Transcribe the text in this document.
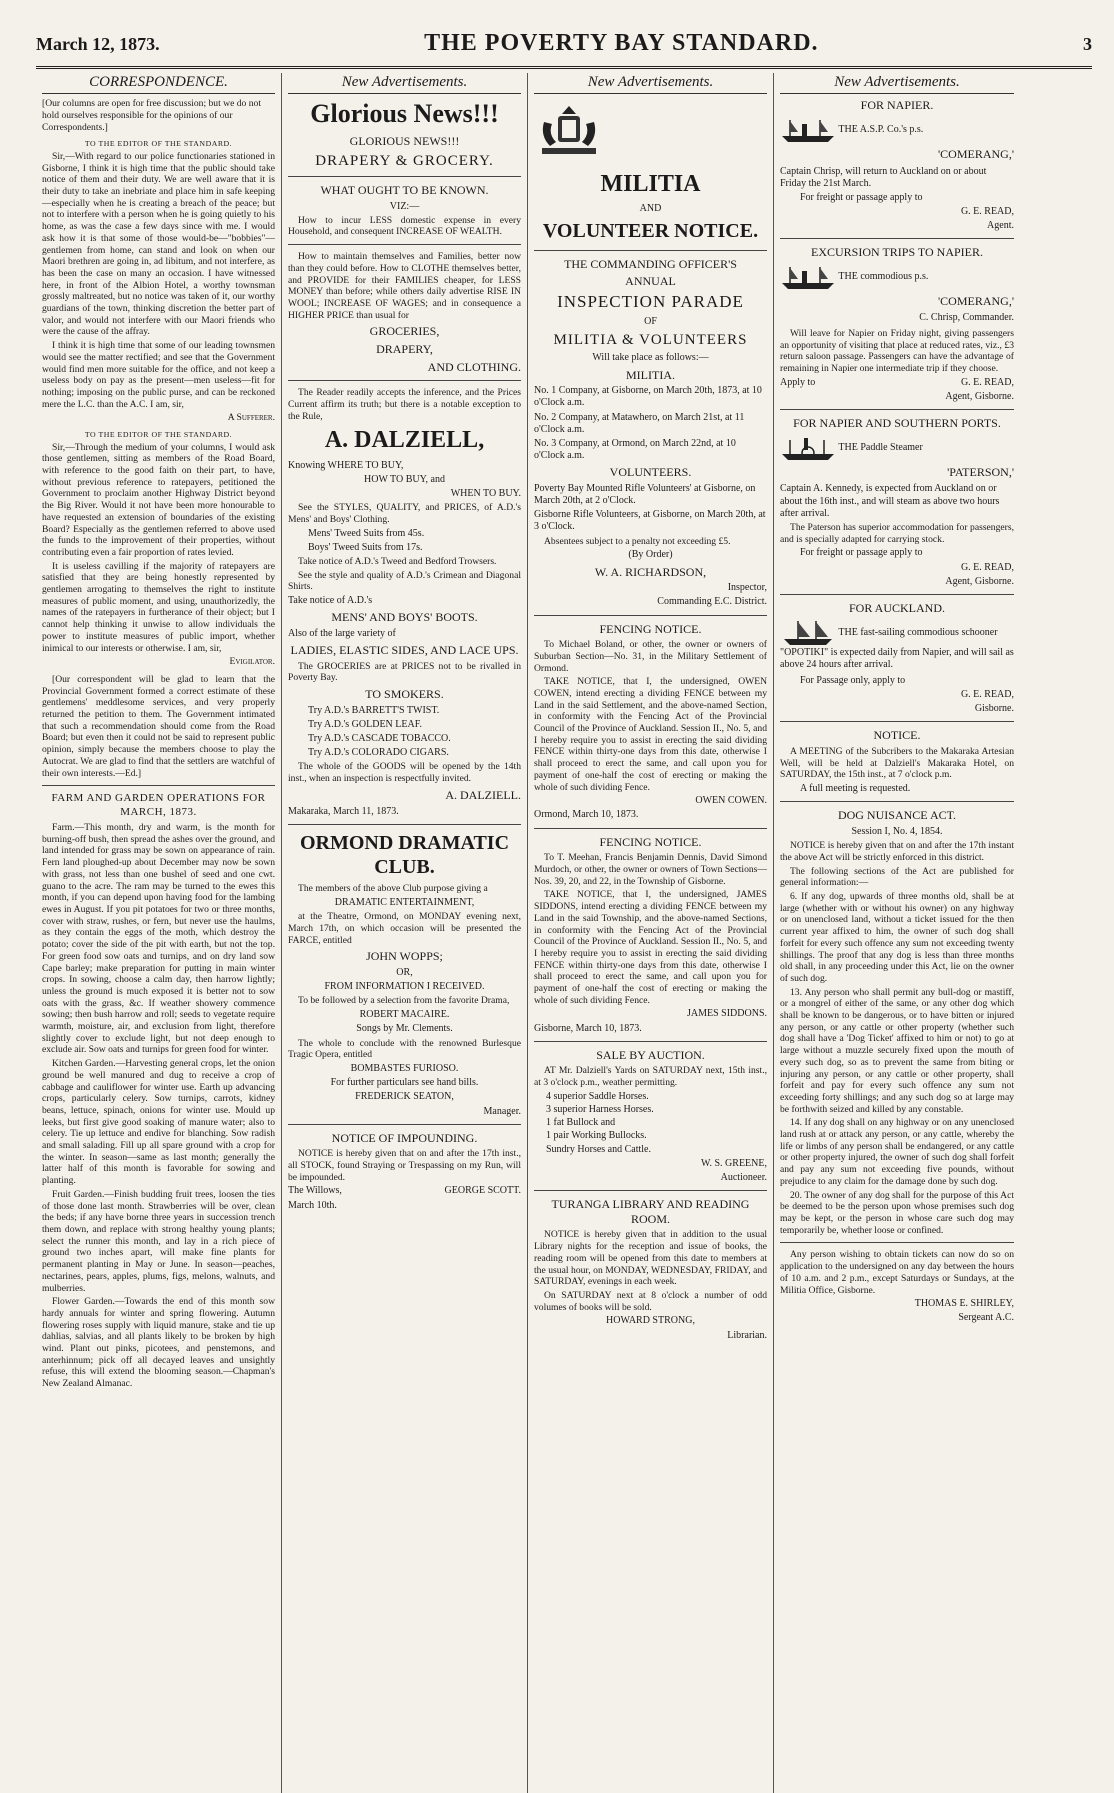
March 12, 1873.	THE POVERTY BAY STANDARD.	3
CORRESPONDENCE.
[Our columns are open for free discussion; but we do not hold ourselves responsible for the opinions of our Correspondents.]
TO THE EDITOR OF THE STANDARD.

Sir,—With regard to our police functionaries stationed in Gisborne, I think it is high time that the public should take notice of them and their duty. We are well aware that it is their duty to take an inebriate and place him in safe keeping—especially when he is creating a breach of the peace; but not to interfere with a person when he is going quietly to his home, as was the case a few days since with me. I would ask how it is that some of those would-be—"bobbies"—gentlemen from home, can stand and look on when our Maori brethren are going in, ad libitum, and not interfere, as has been the case on many an occasion. I have witnessed here, in front of the Albion Hotel, a worthy townsman grossly maltreated, but no notice was taken of it, our worthy guardians of the town, thinking discretion the better part of valor, and would not interfere with our Maori friends who were the cause of the affray.

I think it is high time that some of our leading townsmen would see the matter rectified; and see that the Government would find men more suitable for the office, and not keep a useless body on pay as the present—men useless—fit for nothing; imposing on the public purse, and can be reckoned mere the L.C. than the A.C. I am, sir,

A Sufferer.
TO THE EDITOR OF THE STANDARD.

Sir,—Through the medium of your columns, I would ask those gentlemen, sitting as members of the Road Board, with reference to the good faith on their part, to have, without previous reference to ratepayers, petitioned the Government to proclaim another Highway District beyond the Big River. Would it not have been more honourable to have requested an extension of boundaries of the existing Board? Especially as the gentlemen referred to above used the funds to the improvement of their properties, without contributing even a fair proportion of rates levied.

It is useless cavilling if the majority of ratepayers are satisfied that they are being honestly represented by gentlemen arrogating to themselves the right to institute measures of public moment, and using, unauthorizedly, the names of the ratepayers in furtherance of their object; but I cannot help thinking it unwise to allow individuals the power to institute measures of public import, whether inimical to our interests or otherwise. I am, sir,

Evigilator.

[Our correspondent will be glad to learn that the Provincial Government formed a correct estimate of these gentlemens' meddlesome services, and very properly returned the petition to them. The Government intimated that such a recommendation should come from the Road Board; but even then it could not be said to represent public opinion, simply because the members choose to play the Autocrat. We are glad to find that the settlers are watchful of their own interests.—Ed.]

FARM AND GARDEN OPERATIONS FOR MARCH, 1873.

Farm.—This month, dry and warm, is the month for burning-off bush, then spread the ashes over the ground, and land intended for grass may be sown on appearance of rain. Fern land ploughed-up about December may now be sown with grass, not less than one bushel of seed and one cwt. guano to the acre. The ram may be turned to the ewes this month, if you can depend upon having food for the lambing ewes in August. If you pit potatoes for two or three months, cover with straw, rushes, or fern, but never use the haulms, as they contain the eggs of the moth, which destroy the potato; cover the side of the pit with earth, but not the top. For green food sow oats and turnips, and on dry land sow Cape barley; make preparation for putting in main winter crops. In sowing, choose a calm day, then harrow lightly; unless the ground is much exposed it is better not to sow oats with the grass, &c. If weather showery commence sowing; then bush harrow and roll; seeds to vegetate require warmth, moisture, air, and exclusion from light, therefore slightly cover to exclude light, but not deep enough to exclude air. Sow oats and turnips for green food for winter.

Kitchen Garden.—Harvesting general crops, let the onion ground be well manured and dug to receive a crop of cabbage and cauliflower for winter use. Earth up advancing crops, particularly celery. Sow turnips, carrots, kidney beans, lettuce, spinach, onions for winter use. Mould up leeks, but first give good soaking of manure water; also to celery. Tie up lettuce and endive for blanching. Sow radish and small salading. Fill up all spare ground with a crop for the winter. In season—same as last month; generally the latter half of this month is favorable for sowing and planting.

Fruit Garden.—Finish budding fruit trees, loosen the ties of those done last month. Strawberries will be over, clean the beds; if any have borne three years in succession trench them down, and replace with strong healthy young plants; select the runner this month, and lay in a rich piece of ground two inches apart, will make fine plants for permanent planting in May or June. In season—peaches, nectarines, pears, apples, plums, figs, melons, walnuts, and mulberries.

Flower Garden.—Towards the end of this month sow hardy annuals for winter and spring flowering. Autumn flowering roses supply with liquid manure, stake and tie up dahlias, salvias, and all plants likely to be broken by high wind. Plant out pinks, picotees, and penstemons, and anterhinnum; pick off all decayed leaves and unsightly refuse, this will extend the blooming season.—Chapman's New Zealand Almanac.

New Advertisements.
Glorious News!!!
GLORIOUS NEWS!!!
DRAPERY & GROCERY.
WHAT OUGHT TO BE KNOWN.
VIZ:—

How to incur LESS domestic expense in every Household, and consequent INCREASE OF WEALTH.

How to maintain themselves and Families, better now than they could before. How to CLOTHE themselves better, and PROVIDE for their FAMILIES cheaper, for LESS MONEY than before; while others daily advertise RISE IN WOOL; INCREASE OF WAGES; and in consequence a HIGHER PRICE than usual for

GROCERIES,
DRAPERY,
AND CLOTHING.

The Reader readily accepts the inference, and the Prices Current affirm its truth; but there is a notable exception to the Rule,

A. DALZIELL,
Knowing WHERE TO BUY,
HOW TO BUY, and
WHEN TO BUY.

See the STYLES, QUALITY, and PRICES, of A.D.'s Mens' and Boys' Clothing.

Mens' Tweed Suits from 45s.
Boys' Tweed Suits from 17s.

Take notice of A.D.'s Tweed and Bedford Trowsers.

See the style and quality of A.D.'s Crimean and Diagonal Shirts.

Take notice of A.D.'s
MENS' AND BOYS' BOOTS.
Also of the large variety of
LADIES, ELASTIC SIDES, AND LACE UPS.

The GROCERIES are at PRICES not to be rivalled in Poverty Bay.

TO SMOKERS.
Try A.D.'s BARRETT'S TWIST.
Try A.D.'s GOLDEN LEAF.
Try A.D.'s CASCADE TOBACCO.
Try A.D.'s COLORADO CIGARS.

The whole of the GOODS will be opened by the 14th inst., when an inspection is respectfully invited.

A. DALZIELL.
Makaraka, March 11, 1873.
ORMOND DRAMATIC CLUB.

The members of the above Club purpose giving a

DRAMATIC ENTERTAINMENT,

at the Theatre, Ormond, on MONDAY evening next, March 17th, on which occasion will be presented the FARCE, entitled

JOHN WOPPS;
OR,
FROM INFORMATION I RECEIVED.

To be followed by a selection from the favorite Drama,

ROBERT MACAIRE.
Songs by Mr. Clements.

The whole to conclude with the renowned Burlesque Tragic Opera, entitled

BOMBASTES FURIOSO.
For further particulars see hand bills.
FREDERICK SEATON,
Manager.
NOTICE OF IMPOUNDING.

NOTICE is hereby given that on and after the 17th inst., all STOCK, found Straying or Trespassing on my Run, will be impounded.

The Willows,	GEORGE SCOTT.
March 10th.
New Advertisements.
MILITIA
AND
VOLUNTEER NOTICE.
THE COMMANDING OFFICER'S
ANNUAL
INSPECTION PARADE
OF
MILITIA & VOLUNTEERS
Will take place as follows:—
MILITIA.
No. 1 Company, at Gisborne, on March 20th, 1873, at 10 o'Clock a.m.
No. 2 Company, at Matawhero, on March 21st, at 11 o'Clock a.m.
No. 3 Company, at Ormond, on March 22nd, at 10 o'Clock a.m.
VOLUNTEERS.
Poverty Bay Mounted Rifle Volunteers' at Gisborne, on March 20th, at 2 o'Clock.
Gisborne Rifle Volunteers, at Gisborne, on March 20th, at 3 o'Clock.

Absentees subject to a penalty not exceeding £5.

(By Order)
W. A. RICHARDSON,
Inspector,
Commanding E.C. District.
FENCING NOTICE.

To Michael Boland, or other, the owner or owners of Suburban Section—No. 31, in the Military Settlement of Ormond.

TAKE NOTICE, that I, the undersigned, OWEN COWEN, intend erecting a dividing FENCE between my Land in the said Settlement, and the above-named Section, in conformity with the Fencing Act of the Provincial Council of the Province of Auckland. Session II., No. 5, and I hereby require you to assist in erecting the said dividing FENCE within thirty-one days from this date, otherwise I shall proceed to erect the same, and call upon you for payment of one-half the cost of erecting or making the whole of such dividing Fence.

OWEN COWEN.
Ormond, March 10, 1873.
FENCING NOTICE.

To T. Meehan, Francis Benjamin Dennis, David Simond Murdoch, or other, the owner or owners of Town Sections—Nos. 39, 20, and 22, in the Township of Gisborne.

TAKE NOTICE, that I, the undersigned, JAMES SIDDONS, intend erecting a dividing FENCE between my Land in the said Township, and the above-named Sections, in conformity with the Fencing Act of the Provincial Council of the Province of Auckland. Session II., No. 5, and I hereby require you to assist in erecting the said dividing FENCE within thirty-one days from this date, otherwise I shall proceed to erect the same, and call upon you for payment of one-half the cost of erecting or making the whole of such dividing Fence.

JAMES SIDDONS.
Gisborne, March 10, 1873.
SALE BY AUCTION.

AT Mr. Dalziell's Yards on SATURDAY next, 15th inst., at 3 o'clock p.m., weather permitting.

4 superior Saddle Horses.
3 superior Harness Horses.
1 fat Bullock and
1 pair Working Bullocks.
Sundry Horses and Cattle.
W. S. GREENE,
Auctioneer.
TURANGA LIBRARY AND READING ROOM.

NOTICE is hereby given that in addition to the usual Library nights for the reception and issue of books, the reading room will be opened from this date to members at the usual hour, on MONDAY, WEDNESDAY, FRIDAY, and SATURDAY, evenings in each week.

On SATURDAY next at 8 o'clock a number of odd volumes of books will be sold.

HOWARD STRONG,
Librarian.
New Advertisements.
FOR NAPIER.
THE A.S.P. Co.'s p.s.
'COMERANG,'
Captain Chrisp, will return to Auckland on or about Friday the 21st March.
For freight or passage apply to
G. E. READ,
Agent.
EXCURSION TRIPS TO NAPIER.
THE commodious p.s.
'COMERANG,'
C. Chrisp, Commander.

Will leave for Napier on Friday night, giving passengers an opportunity of visiting that place at reduced rates, viz., £3 return saloon passage. Passengers can have the advantage of remaining in Napier one intermediate trip if they choose.

Apply to	G. E. READ,
Agent, Gisborne.
FOR NAPIER AND SOUTHERN PORTS.
THE Paddle Steamer
'PATERSON,'
Captain A. Kennedy, is expected from Auckland on or about the 16th inst., and will steam as above two hours after arrival.

The Paterson has superior accommodation for passengers, and is specially adapted for carrying stock.

For freight or passage apply to
G. E. READ,
Agent, Gisborne.
FOR AUCKLAND.
THE fast-sailing commodious schooner "OPOTIKI" is expected daily from Napier, and will sail as above 24 hours after arrival.
For Passage only, apply to
G. E. READ,
Gisborne.
NOTICE.

A MEETING of the Subcribers to the Makaraka Artesian Well, will be held at Dalziell's Makaraka Hotel, on SATURDAY, the 15th inst., at 7 o'clock p.m.

A full meeting is requested.
DOG NUISANCE ACT.
Session I, No. 4, 1854.

NOTICE is hereby given that on and after the 17th instant the above Act will be strictly enforced in this district.

The following sections of the Act are published for general information:—

6. If any dog, upwards of three months old, shall be at large (whether with or without his owner) on any highway or on unenclosed land, without a ticket issued for the then current year affixed to him, the owner of such dog shall forfeit for every such offence any sum not exceeding twenty shillings. The proof that any dog is less than three months old shall, in any proceeding under this Act, lie on the owner of such dog.

13. Any person who shall permit any bull-dog or mastiff, or a mongrel of either of the same, or any other dog which shall be known to be dangerous, or to have bitten or injured any person, or any cattle or other property (whether such dog shall have a 'Dog Ticket' affixed to him or not) to go at large without a muzzle securely fixed upon the mouth of every such dog, so as to prevent the same from biting or injuring any person, or any cattle or other property, shall forfeit and pay for every such offence any sum not exceeding forty shillings; and any such dog so at large may be forthwith seized and killed by any constable.

14. If any dog shall on any highway or on any unenclosed land rush at or attack any person, or any cattle, whereby the life or limbs of any person shall be endangered, or any cattle or other property injured, the owner of such dog shall forfeit and pay any sum not exceeding five pounds, without prejudice to any claim for the damage done by such dog.

20. The owner of any dog shall for the purpose of this Act be deemed to be the person upon whose premises such dog may be kept, or the person in whose care such dog may temporarily be, whether loose or confined.

Any person wishing to obtain tickets can now do so on application to the undersigned on any day between the hours of 10 a.m. and 2 p.m., except Saturdays or Sundays, at the Militia Office, Gisborne.

THOMAS E. SHIRLEY,
Sergeant A.C.
